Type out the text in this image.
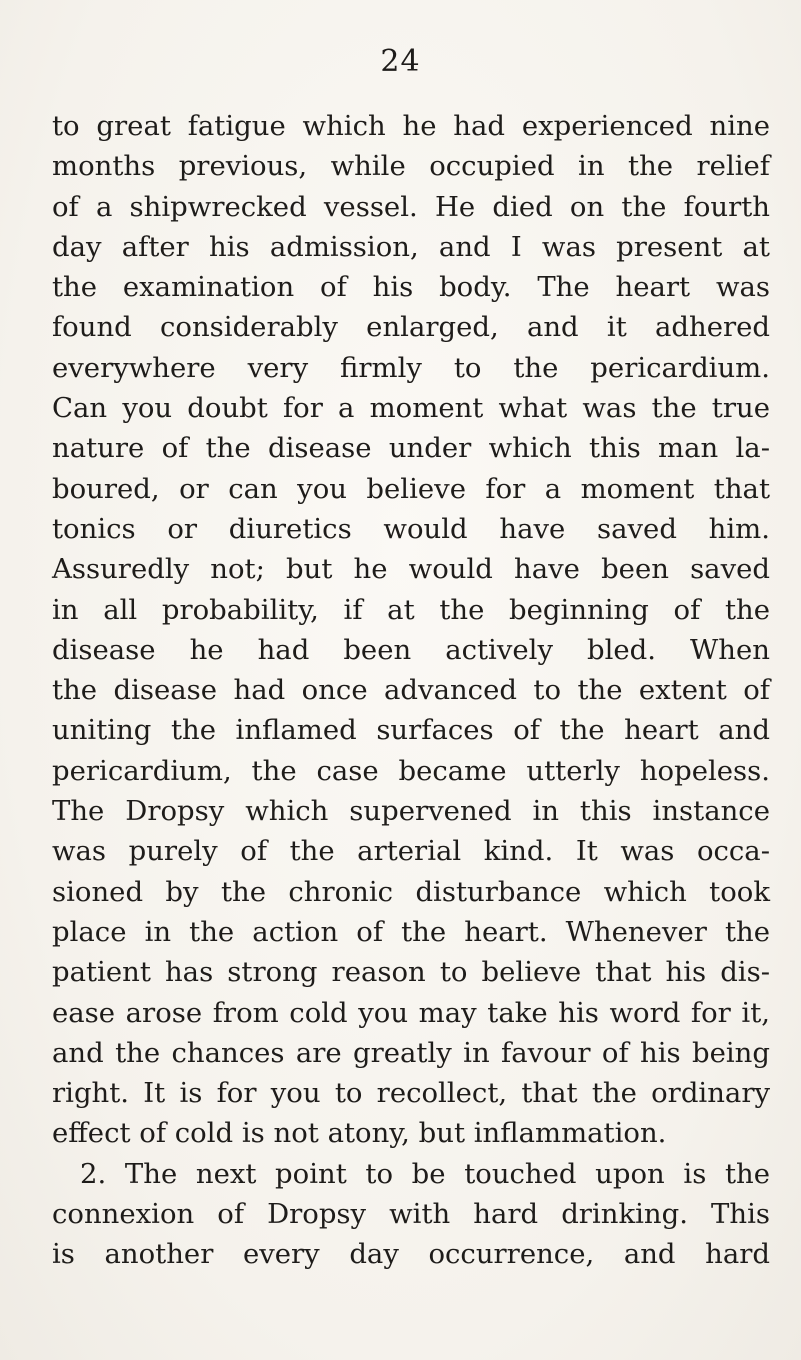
24
to great fatigue which he had experienced nine
months previous, while occupied in the relief
of a shipwrecked vessel. He died on the fourth
day after his admission, and I was present at
the examination of his body. The heart was
found considerably enlarged, and it adhered
everywhere very firmly to the pericardium.
Can you doubt for a moment what was the true
nature of the disease under which this man la-
boured, or can you believe for a moment that
tonics or diuretics would have saved him.
Assuredly not; but he would have been saved
in all probability, if at the beginning of the
disease he had been actively bled. When
the disease had once advanced to the extent of
uniting the inflamed surfaces of the heart and
pericardium, the case became utterly hopeless.
The Dropsy which supervened in this instance
was purely of the arterial kind. It was occa-
sioned by the chronic disturbance which took
place in the action of the heart. Whenever the
patient has strong reason to believe that his dis-
ease arose from cold you may take his word for it,
and the chances are greatly in favour of his being
right. It is for you to recollect, that the ordinary
effect of cold is not atony, but inflammation.
2. The next point to be touched upon is the
connexion of Dropsy with hard drinking. This
is another every day occurrence, and hard
